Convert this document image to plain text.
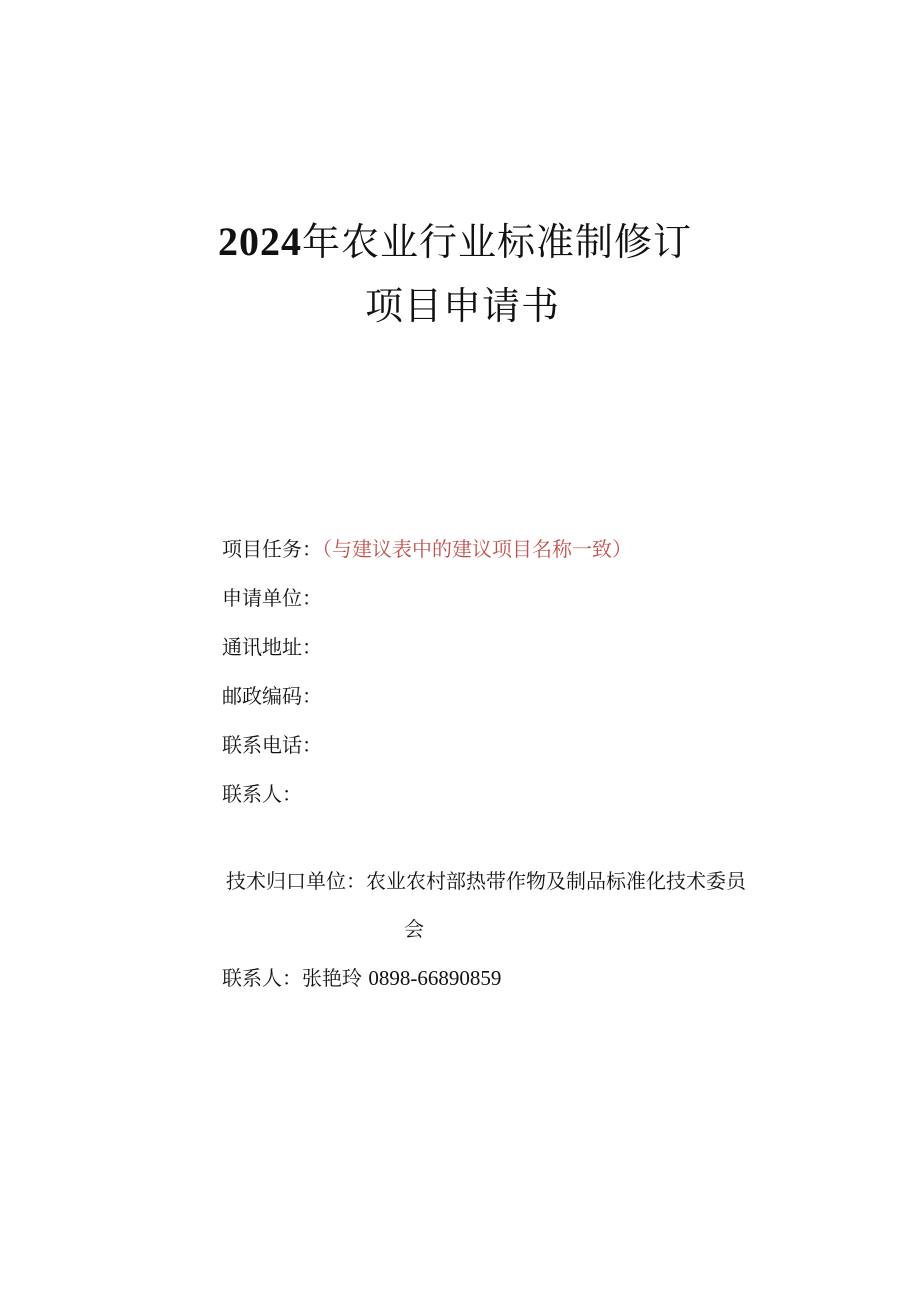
2024年农业行业标准制修订
项目申请书
项目任务：（与建议表中的建议项目名称一致）
申请单位：
通讯地址：
邮政编码：
联系电话：
联系人：
技术归口单位：农业农村部热带作物及制品标准化技术委员
会
联系人：张艳玲 0898-66890859
